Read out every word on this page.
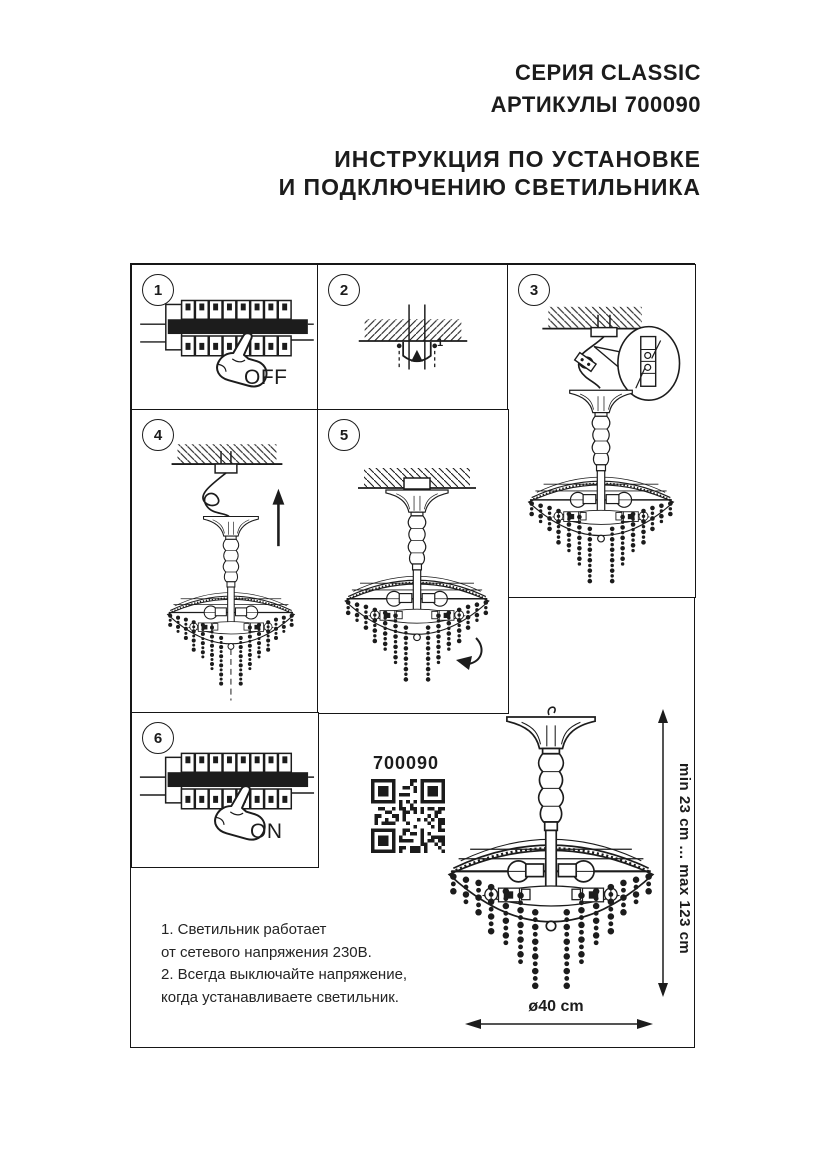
СЕРИЯ CLASSIC
АРТИКУЛЫ 700090
ИНСТРУКЦИЯ ПО УСТАНОВКЕ
И ПОДКЛЮЧЕНИЮ СВЕТИЛЬНИКА
1
OFF
2
1
3
4	5
6
ON
700090
min 23 cm ... max 123 cm
ø40 cm
1. Светильник работает
от сетевого напряжения 230В.
2. Всегда выключайте напряжение,
когда устанавливаете светильник.
